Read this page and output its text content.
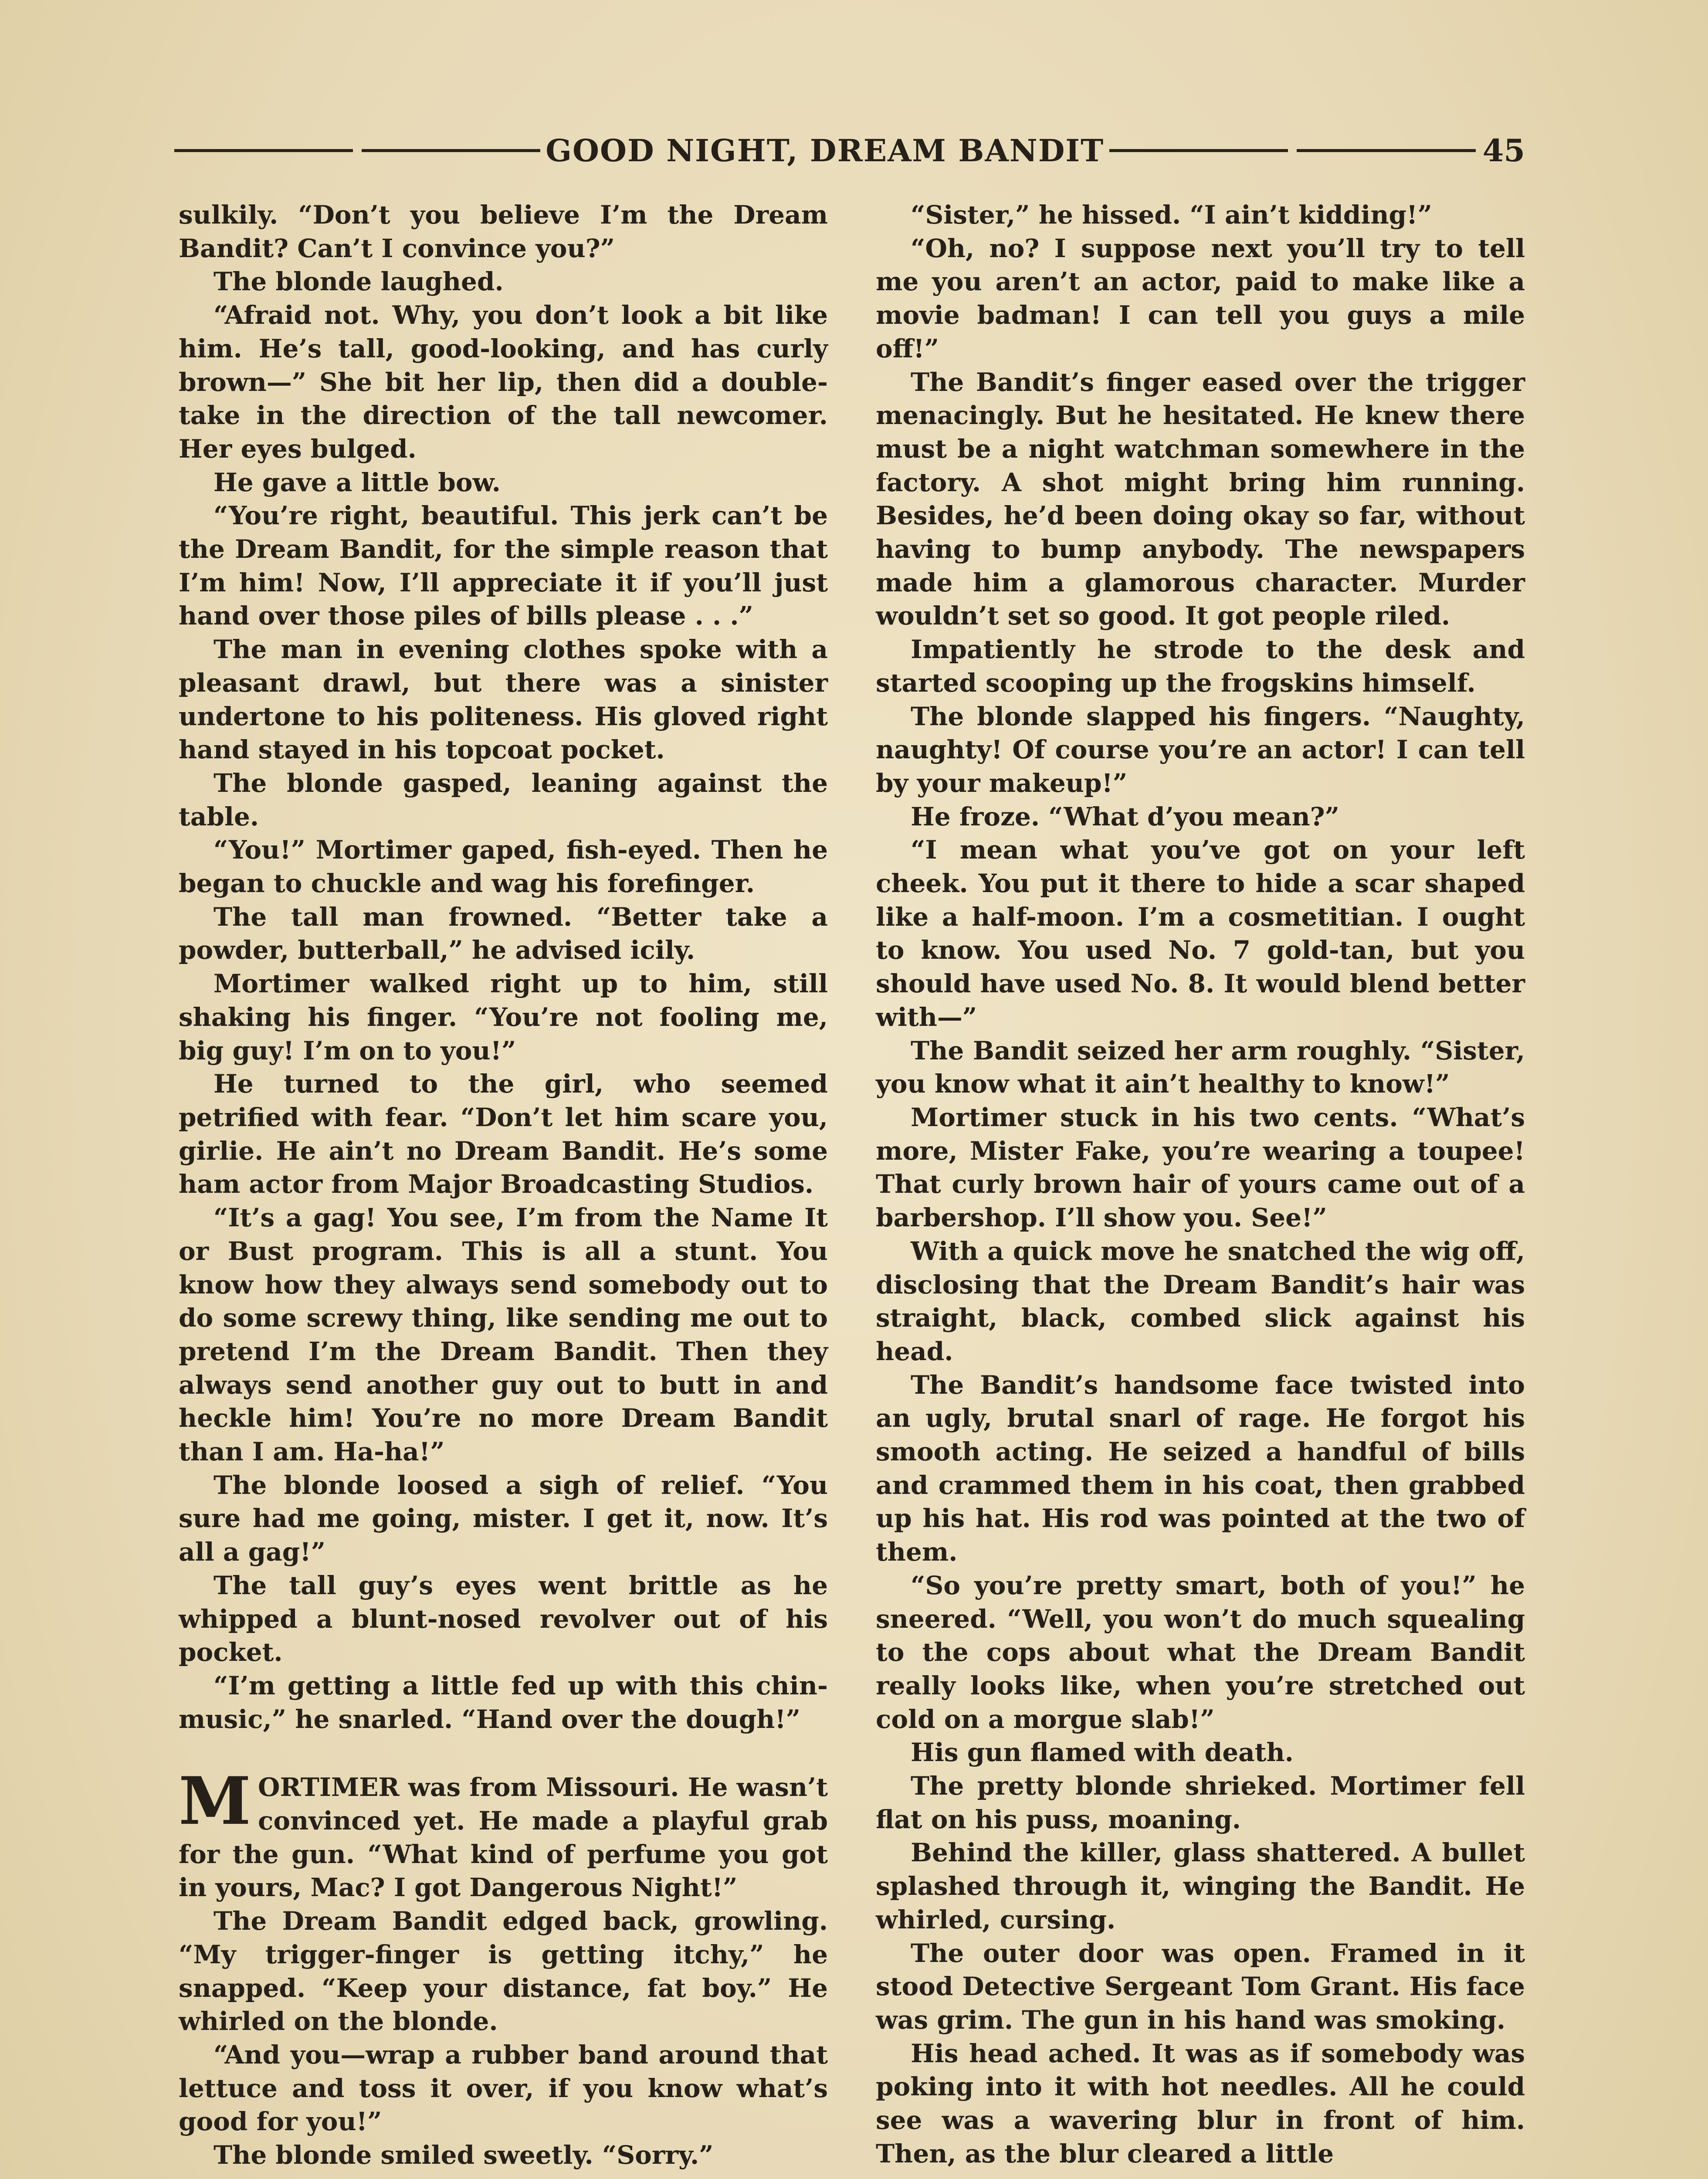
GOOD NIGHT, DREAM BANDIT	45

sulkily. “Don’t you believe I’m the Dream Bandit? Can’t I convince you?”

The blonde laughed.

“Afraid not. Why, you don’t look a bit like him. He’s tall, good-looking, and has curly brown—” She bit her lip, then did a double-take in the direction of the tall newcomer. Her eyes bulged.

He gave a little bow.

“You’re right, beautiful. This jerk can’t be the Dream Bandit, for the simple reason that I’m him! Now, I’ll appreciate it if you’ll just hand over those piles of bills please . . .”

The man in evening clothes spoke with a pleasant drawl, but there was a sinister undertone to his politeness. His gloved right hand stayed in his topcoat pocket.

The blonde gasped, leaning against the table.

“You!” Mortimer gaped, fish-eyed. Then he began to chuckle and wag his forefinger.

The tall man frowned. “Better take a powder, butterball,” he advised icily.

Mortimer walked right up to him, still shaking his finger. “You’re not fooling me, big guy! I’m on to you!”

He turned to the girl, who seemed petrified with fear. “Don’t let him scare you, girlie. He ain’t no Dream Bandit. He’s some ham actor from Major Broadcasting Studios.

“It’s a gag! You see, I’m from the Name It or Bust program. This is all a stunt. You know how they always send somebody out to do some screwy thing, like sending me out to pretend I’m the Dream Bandit. Then they always send another guy out to butt in and heckle him! You’re no more Dream Bandit than I am. Ha-ha!”

The blonde loosed a sigh of relief. “You sure had me going, mister. I get it, now. It’s all a gag!”

The tall guy’s eyes went brittle as he whipped a blunt-nosed revolver out of his pocket.

“I’m getting a little fed up with this chin-music,” he snarled. “Hand over the dough!”

MORTIMER was from Missouri. He wasn’t convinced yet. He made a playful grab for the gun. “What kind of perfume you got in yours, Mac? I got Dangerous Night!”

The Dream Bandit edged back, growling. “My trigger-finger is getting itchy,” he snapped. “Keep your distance, fat boy.” He whirled on the blonde.

“And you—wrap a rubber band around that lettuce and toss it over, if you know what’s good for you!”

The blonde smiled sweetly. “Sorry.”

“Sister,” he hissed. “I ain’t kidding!”

“Oh, no? I suppose next you’ll try to tell me you aren’t an actor, paid to make like a movie badman! I can tell you guys a mile off!”

The Bandit’s finger eased over the trigger menacingly. But he hesitated. He knew there must be a night watchman somewhere in the factory. A shot might bring him running. Besides, he’d been doing okay so far, without having to bump anybody. The newspapers made him a glamorous character. Murder wouldn’t set so good. It got people riled.

Impatiently he strode to the desk and started scooping up the frogskins himself.

The blonde slapped his fingers. “Naughty, naughty! Of course you’re an actor! I can tell by your makeup!”

He froze. “What d’you mean?”

“I mean what you’ve got on your left cheek. You put it there to hide a scar shaped like a half-moon. I’m a cosmetitian. I ought to know. You used No. 7 gold-tan, but you should have used No. 8. It would blend better with—”

The Bandit seized her arm roughly. “Sister, you know what it ain’t healthy to know!”

Mortimer stuck in his two cents. “What’s more, Mister Fake, you’re wearing a toupee! That curly brown hair of yours came out of a barbershop. I’ll show you. See!”

With a quick move he snatched the wig off, disclosing that the Dream Bandit’s hair was straight, black, combed slick against his head.

The Bandit’s handsome face twisted into an ugly, brutal snarl of rage. He forgot his smooth acting. He seized a handful of bills and crammed them in his coat, then grabbed up his hat. His rod was pointed at the two of them.

“So you’re pretty smart, both of you!” he sneered. “Well, you won’t do much squealing to the cops about what the Dream Bandit really looks like, when you’re stretched out cold on a morgue slab!”

His gun flamed with death.

The pretty blonde shrieked. Mortimer fell flat on his puss, moaning.

Behind the killer, glass shattered. A bullet splashed through it, winging the Bandit. He whirled, cursing.

The outer door was open. Framed in it stood Detective Sergeant Tom Grant. His face was grim. The gun in his hand was smoking.

His head ached. It was as if somebody was poking into it with hot needles. All he could see was a wavering blur in front of him. Then, as the blur cleared a little
